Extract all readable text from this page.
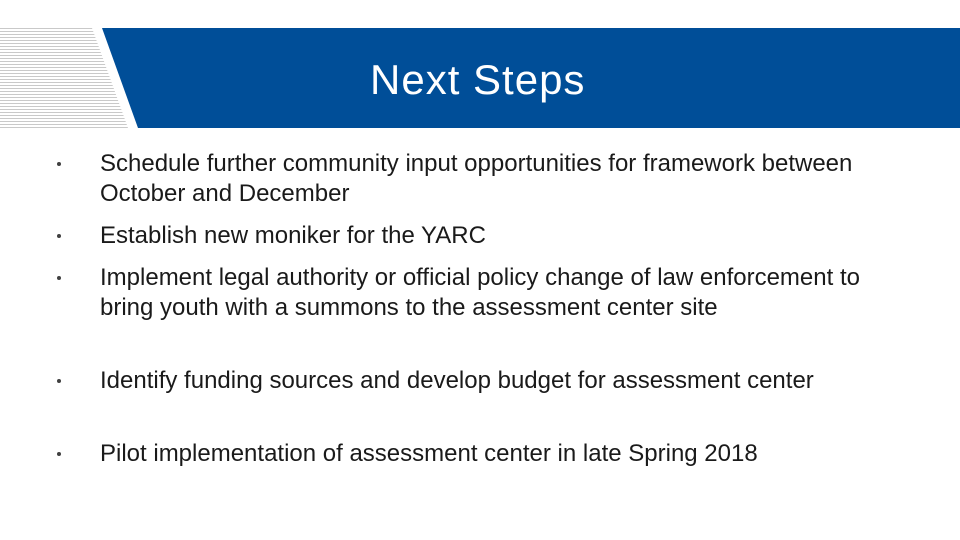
Next Steps
Schedule further community input opportunities for framework between October and December
Establish new moniker for the YARC
Implement legal authority or official policy change of law enforcement to bring youth with a summons to the assessment center site
Identify funding sources and develop budget for assessment center
Pilot implementation of assessment center in late Spring 2018
